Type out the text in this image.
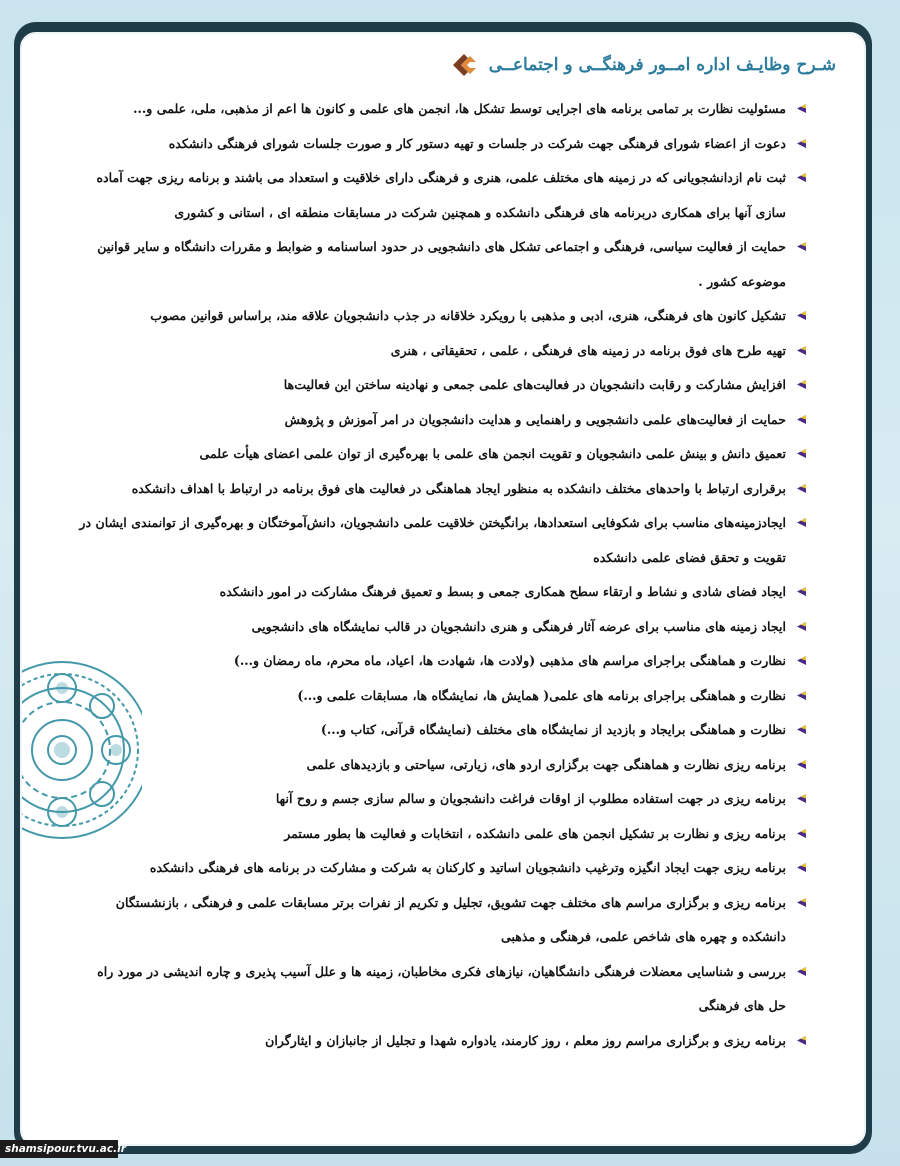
شـرح وظایـف اداره امــور فرهنگــی و اجتماعــی
مسئولیت نظارت بر تمامی برنامه های اجرایی توسط تشکل ها، انجمن های علمی و کانون ها اعم از مذهبی، ملی، علمی و...
دعوت از اعضاء شورای فرهنگی جهت شرکت در جلسات و تهیه دستور کار و صورت جلسات شورای فرهنگی دانشکده
ثبت نام ازدانشجویانی که در زمینه های مختلف علمی، هنری و فرهنگی دارای خلاقیت و استعداد می باشند و برنامه ریزی جهت آماده سازی آنها برای همکاری دربرنامه های فرهنگی دانشکده و همچنین شرکت در مسابقات منطقه ای ، استانی و کشوری
حمایت از فعالیت سیاسی، فرهنگی و اجتماعی تشکل های دانشجویی در حدود اساسنامه و ضوابط و مقررات دانشگاه و سایر قوانین موضوعه کشور .
تشکیل کانون های فرهنگی، هنری، ادبی و مذهبی با رویکرد خلاقانه در جذب دانشجویان علاقه مند، براساس قوانین مصوب
تهیه طرح های فوق برنامه در زمینه های فرهنگی ، علمی ، تحقیقاتی ، هنری
افزایش مشارکت و رقابت دانشجویان در فعالیت‌های علمی جمعی و نهادینه ساختن این فعالیت‌ها
حمایت از فعالیت‌های علمی دانشجویی و راهنمایی و هدایت دانشجویان در امر آموزش و پژوهش
تعمیق دانش و بینش علمی دانشجویان و تقویت انجمن های علمی با بهره‌گیری از توان علمی اعضای هیأت علمی
برقراری ارتباط با واحدهای مختلف دانشکده به منظور ایجاد هماهنگی در فعالیت های فوق برنامه در ارتباط با اهداف دانشکده
ایجادزمینه‌های مناسب برای شکوفایی استعدادها، برانگیختن خلاقیت علمی دانشجویان، دانش‌آموختگان و بهره‌گیری از توانمندی ایشان در تقویت و تحقق فضای علمی دانشکده
ایجاد فضای شادی و نشاط و ارتقاء سطح همکاری جمعی و بسط و تعمیق فرهنگ مشارکت در امور دانشکده
ایجاد زمینه های مناسب برای عرضه آثار فرهنگی و هنری دانشجویان در قالب نمایشگاه های دانشجویی
نظارت و هماهنگی براجرای مراسم های مذهبی (ولادت ها، شهادت ها، اعیاد، ماه محرم، ماه رمضان و...)
نظارت و هماهنگی براجرای برنامه های علمی( همایش ها، نمایشگاه ها، مسابقات علمی و...)
نظارت و هماهنگی برایجاد و بازدید از نمایشگاه های مختلف (نمایشگاه قرآنی، کتاب و...)
برنامه ریزی نظارت و هماهنگی جهت برگزاری اردو های، زیارتی، سیاحتی و بازدیدهای علمی
برنامه ریزی در جهت استفاده مطلوب از اوقات فراغت دانشجویان و سالم سازی جسم و روح آنها
برنامه ریزی و نظارت بر تشکیل انجمن های علمی دانشکده ، انتخابات و فعالیت ها بطور مستمر
برنامه ریزی جهت ایجاد انگیزه وترغیب دانشجویان اساتید و کارکنان به شرکت و مشارکت در برنامه های فرهنگی دانشکده
برنامه ریزی و برگزاری مراسم های مختلف جهت تشویق، تجلیل و تکریم از نفرات برتر مسابقات علمی و فرهنگی ، بازنشستگان دانشکده و چهره های شاخص علمی، فرهنگی و مذهبی
بررسی و شناسایی معضلات فرهنگی دانشگاهیان، نیازهای فکری مخاطبان، زمینه ها و علل آسیب پذیری و چاره اندیشی در مورد راه حل های فرهنگی
برنامه ریزی و برگزاری مراسم روز معلم ، روز کارمند، یادواره شهدا و تجلیل از جانبازان و ایثارگران
shamsipour.tvu.ac.ir
